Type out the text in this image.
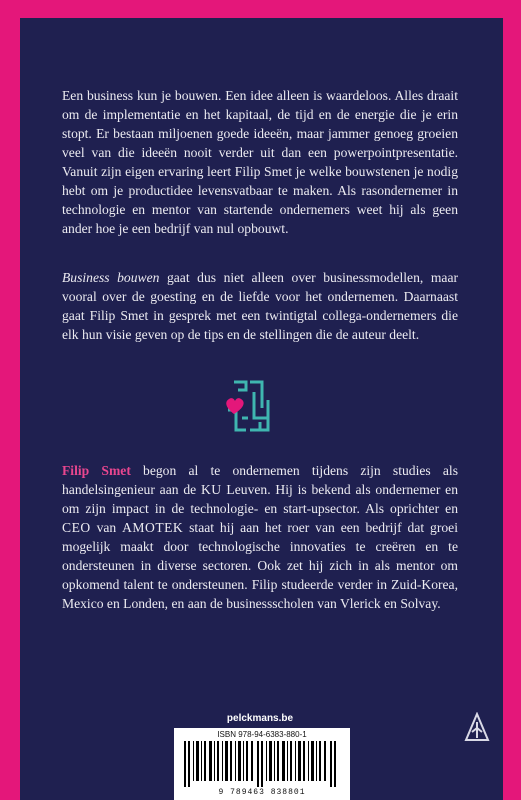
Een business kun je bouwen. Een idee alleen is waardeloos. Alles draait om de implementatie en het kapitaal, de tijd en de energie die je erin stopt. Er bestaan miljoenen goede ideeën, maar jammer genoeg groeien veel van die ideeën nooit verder uit dan een powerpointpresentatie. Vanuit zijn eigen ervaring leert Filip Smet je welke bouwstenen je nodig hebt om je productidee levensvatbaar te maken. Als rasondernemer in technologie en mentor van startende ondernemers weet hij als geen ander hoe je een bedrijf van nul opbouwt.

Business bouwen gaat dus niet alleen over businessmodellen, maar vooral over de goesting en de liefde voor het ondernemen. Daarnaast gaat Filip Smet in gesprek met een twintigtal collega-ondernemers die elk hun visie geven op de tips en de stellingen die de auteur deelt.

Filip Smet begon al te ondernemen tijdens zijn studies als handelsingenieur aan de KU Leuven. Hij is bekend als ondernemer en om zijn impact in de technologie- en start-upsector. Als oprichter en CEO van AMOTEK staat hij aan het roer van een bedrijf dat groei mogelijk maakt door technologische innovaties te creëren en te ondersteunen in diverse sectoren. Ook zet hij zich in als mentor om opkomend talent te ondersteunen. Filip studeerde verder in Zuid-Korea, Mexico en Londen, en aan de businessscholen van Vlerick en Solvay.

pelckmans.be
ISBN 978-94-6383-880-1
9 789463 838801
